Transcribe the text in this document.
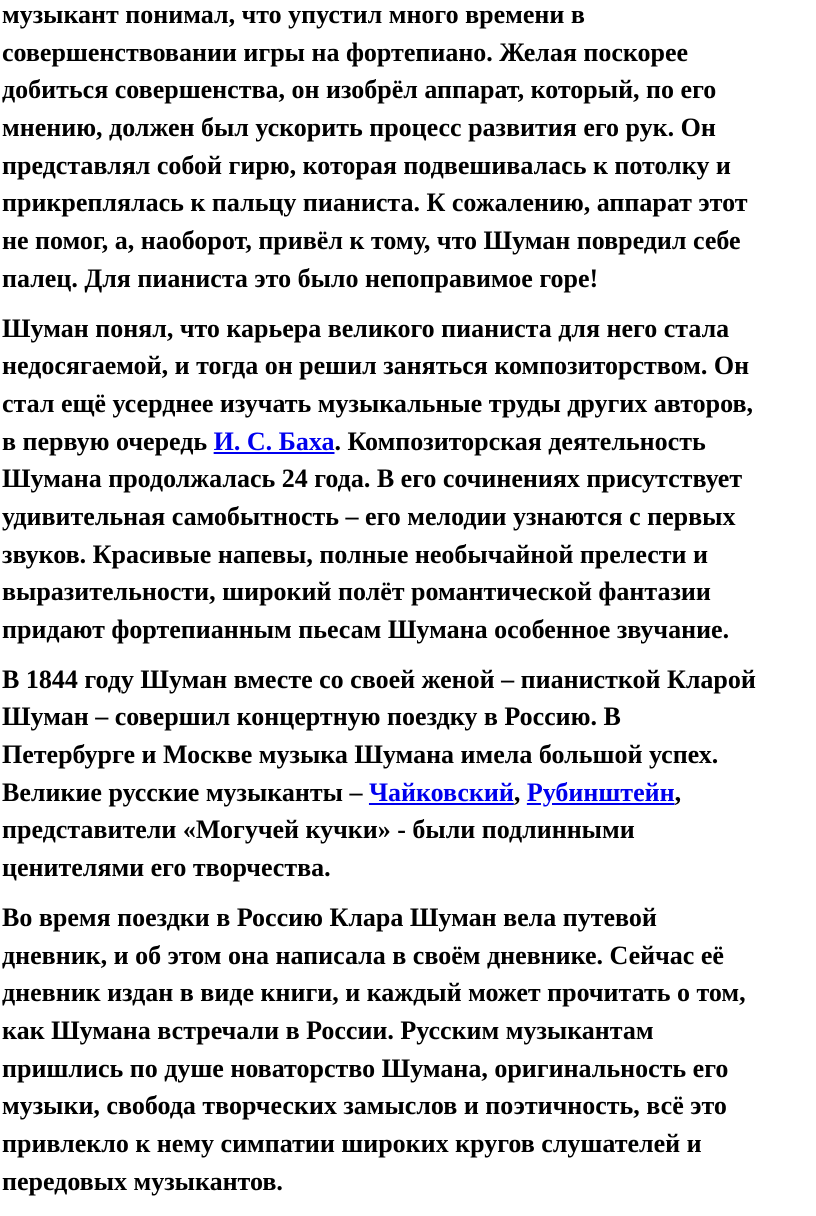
музыкант понимал, что упустил много времени в
совершенствовании игры на фортепиано. Желая поскорее
добиться совершенства, он изобрёл аппарат, который, по его
мнению, должен был ускорить процесс развития его рук. Он
представлял собой гирю, которая подвешивалась к потолку и
прикреплялась к пальцу пианиста. К сожалению, аппарат этот
не помог, а, наоборот, привёл к тому, что Шуман повредил себе
палец. Для пианиста это было непоправимое горе!

Шуман понял, что карьера великого пианиста для него стала
недосягаемой, и тогда он решил заняться композиторством. Он
стал ещё усерднее изучать музыкальные труды других авторов,
в первую очередь И. С. Баха. Композиторская деятельность
Шумана продолжалась 24 года. В его сочинениях присутствует
удивительная самобытность – его мелодии узнаются с первых
звуков. Красивые напевы, полные необычайной прелести и
выразительности, широкий полёт романтической фантазии
придают фортепианным пьесам Шумана особенное звучание.

В 1844 году Шуман вместе со своей женой – пианисткой Кларой
Шуман – совершил концертную поездку в Россию. В
Петербурге и Москве музыка Шумана имела большой успех.
Великие русские музыканты – Чайковский, Рубинштейн,
представители «Могучей кучки» - были подлинными
ценителями его творчества.

Во время поездки в Россию Клара Шуман вела путевой
дневник, и об этом она написала в своём дневнике. Сейчас её
дневник издан в виде книги, и каждый может прочитать о том,
как Шумана встречали в России. Русским музыкантам
пришлись по душе новаторство Шумана, оригинальность его
музыки, свобода творческих замыслов и поэтичность, всё это
привлекло к нему симпатии широких кругов слушателей и
передовых музыкантов.
